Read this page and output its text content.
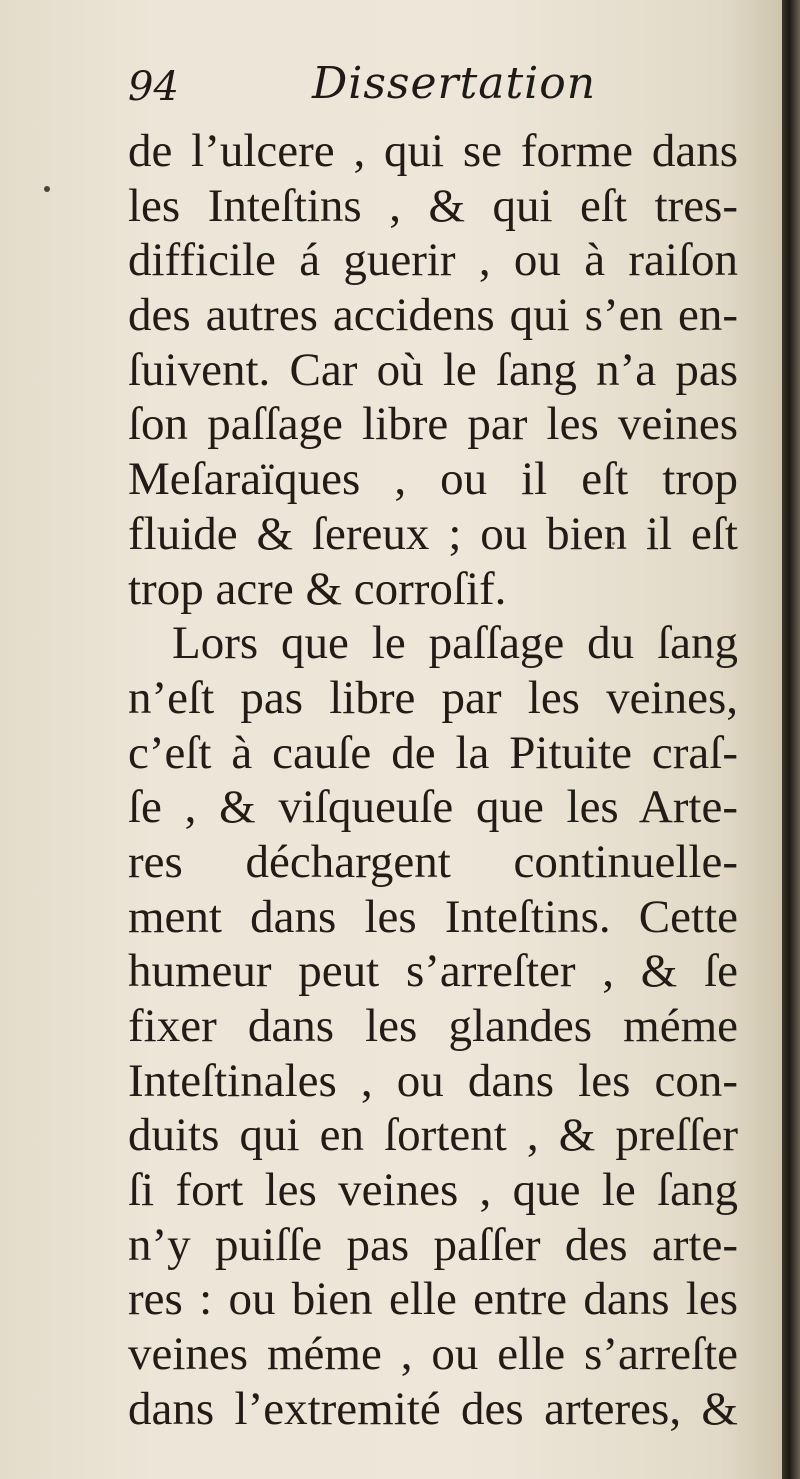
94	Dissertation
de l’ulcere , qui se forme dans
les Inteſtins , & qui eſt tres-
difficile á guerir , ou à raiſon
des autres accidens qui s’en en-
ſuivent. Car où le ſang n’a pas
ſon paſſage libre par les veines
Meſaraïques , ou il eſt trop
fluide & ſereux ; ou bien il eſt
trop acre & corroſif.
Lors que le paſſage du ſang
n’eſt pas libre par les veines,
c’eſt à cauſe de la Pituite craſ-
ſe , & viſqueuſe que les Arte-
res déchargent continuelle-
ment dans les Inteſtins. Cette
humeur peut s’arreſter , & ſe
fixer dans les glandes méme
Inteſtinales , ou dans les con-
duits qui en ſortent , & preſſer
ſi fort les veines , que le ſang
n’y puiſſe pas paſſer des arte-
res : ou bien elle entre dans les
veines méme , ou elle s’arreſte
dans l’extremité des arteres, &
